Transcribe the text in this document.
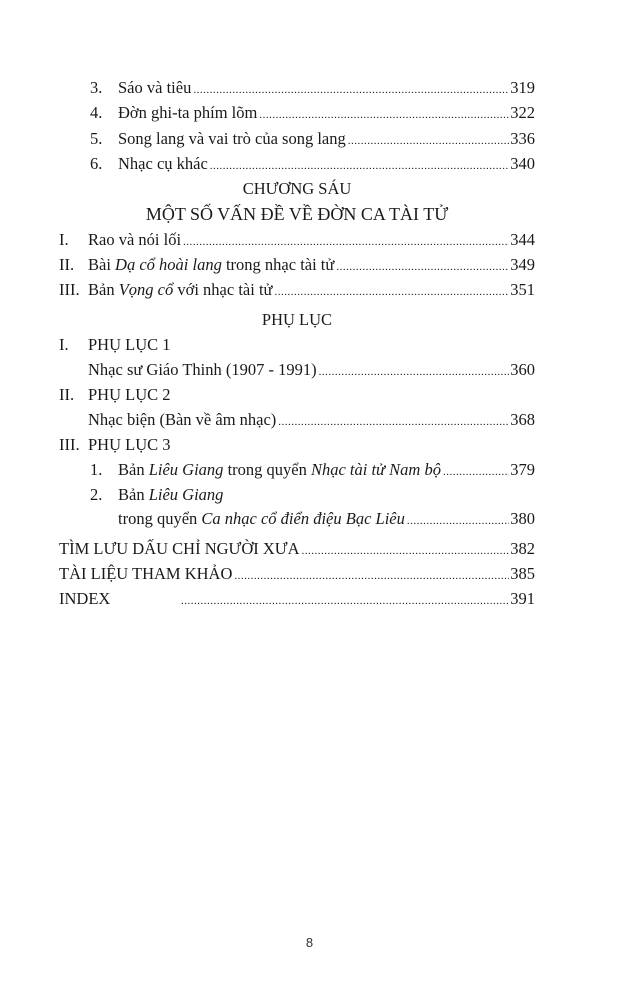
3. Sáo và tiêu .....	319
4. Đờn ghi-ta phím lõm .....	322
5. Song lang và vai trò của song lang .....	336
6. Nhạc cụ khác .....	340
CHƯƠNG SÁU
MỘT SỐ VẤN ĐỀ VỀ ĐỜN CA TÀI TỬ
I.	Rao và nói lối .....	344
II. Bài Dạ cổ hoài lang trong nhạc tài tử .....	349
III. Bản Vọng cổ với nhạc tài tử .....	351
PHỤ LỤC
I. PHỤ LỤC 1
Nhạc sư Giáo Thinh (1907 - 1991) .....	360
II. PHỤ LỤC 2
Nhạc biện (Bàn về âm nhạc) .....	368
III. PHỤ LỤC 3
1. Bản Liêu Giang trong quyển Nhạc tài tử Nam bộ .....	379
2. Bản Liêu Giang
trong quyển Ca nhạc cổ điển điệu Bạc Liêu .....	380
TÌM LƯU DẤU CHỈ NGƯỜI XƯA .....	382
TÀI LIỆU THAM KHẢO .....	385
INDEX .....	391
8
